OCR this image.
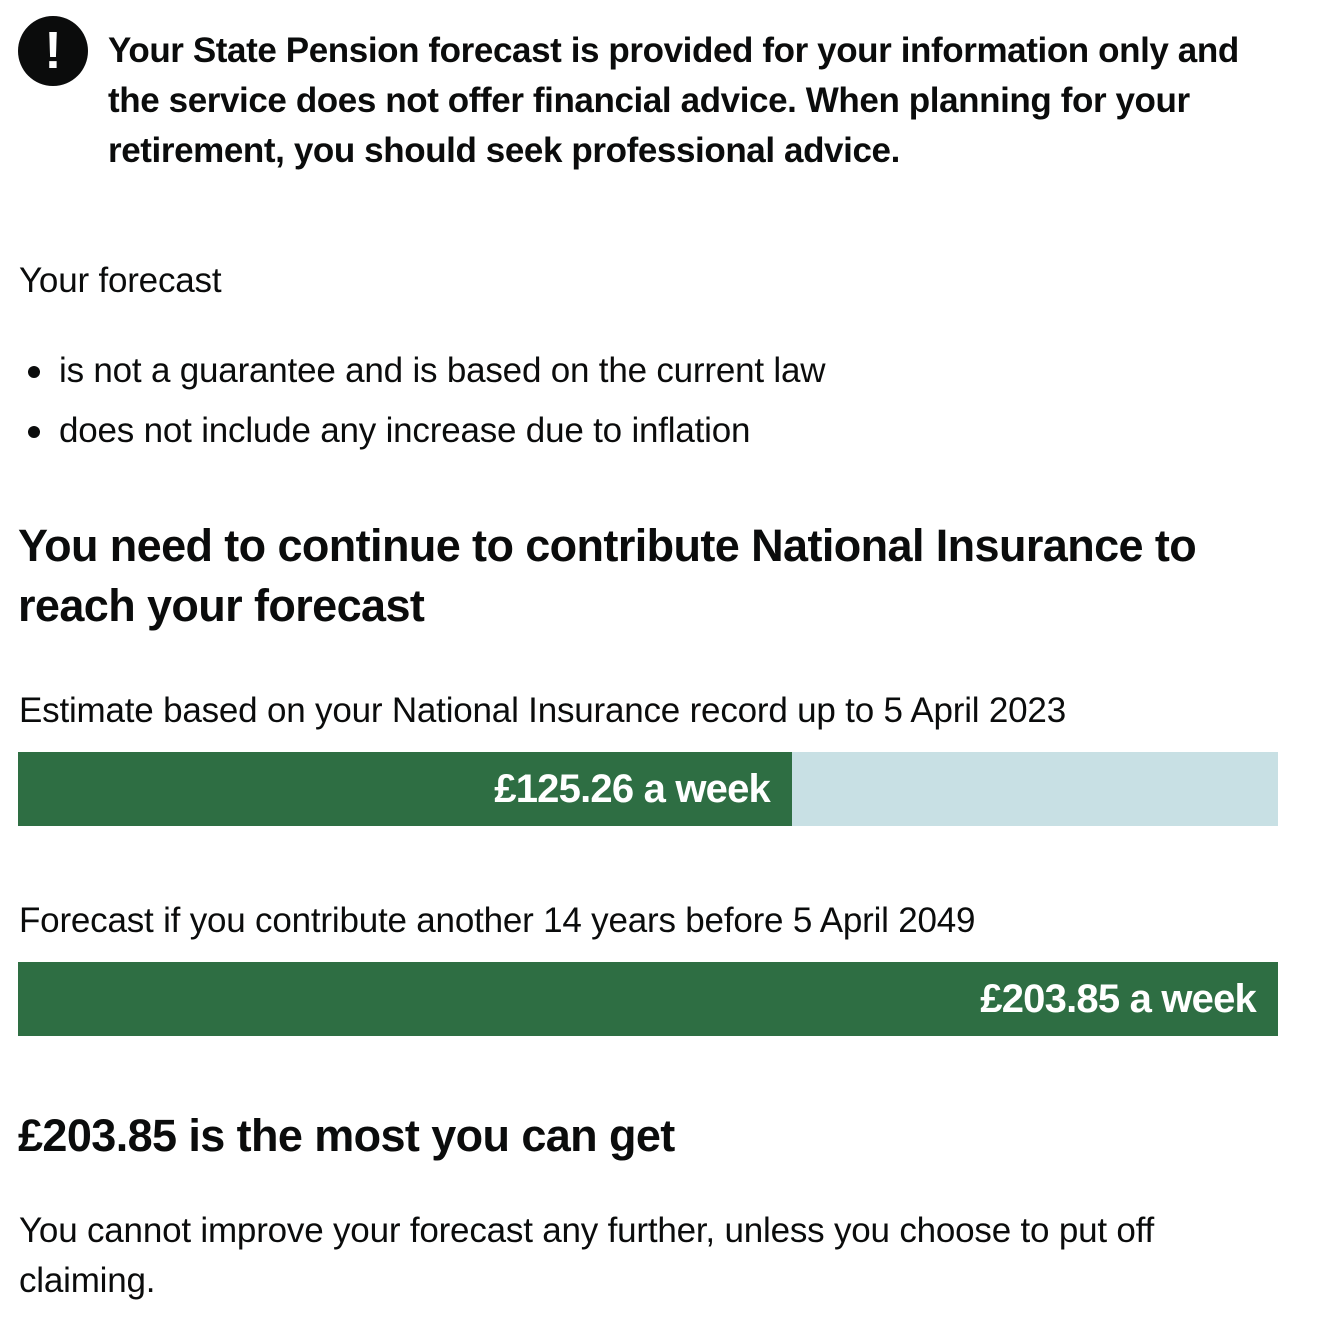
!	Your State Pension forecast is provided for your information only and the service does not offer financial advice. When planning for your retirement, you should seek professional advice.
Your forecast
is not a guarantee and is based on the current law
does not include any increase due to inflation
You need to continue to contribute National Insurance to reach your forecast
Estimate based on your National Insurance record up to 5 April 2023
£125.26 a week
Forecast if you contribute another 14 years before 5 April 2049
£203.85 a week
£203.85 is the most you can get
You cannot improve your forecast any further, unless you choose to put off claiming.
